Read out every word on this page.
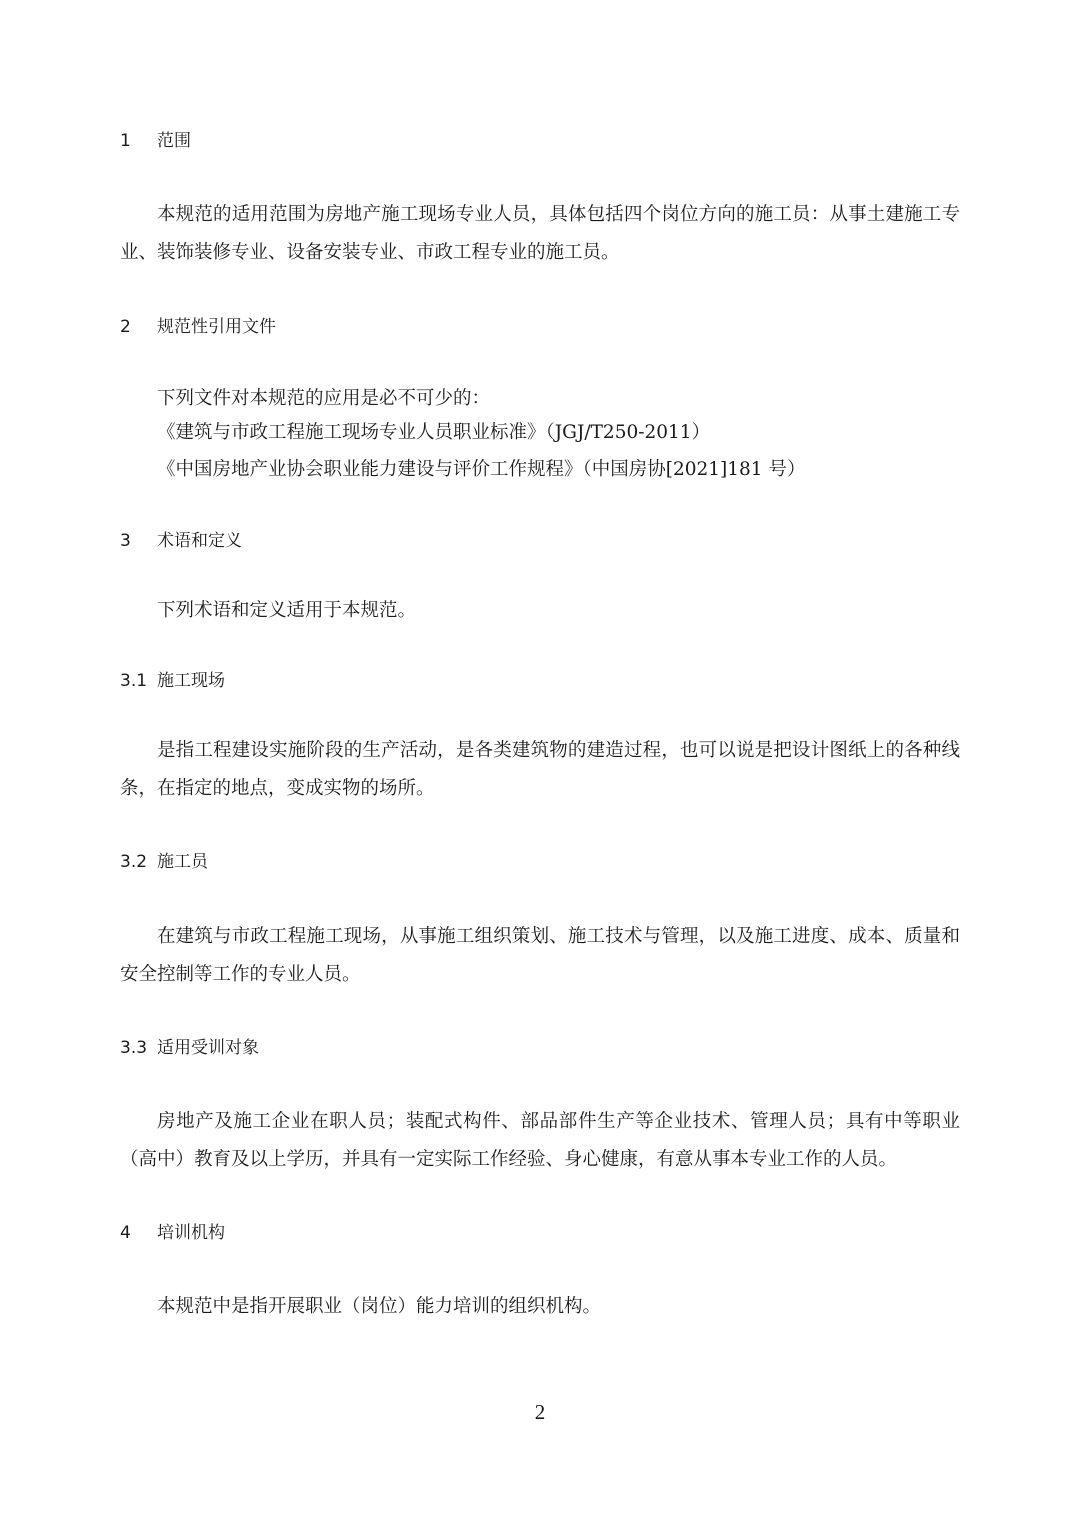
1 范围
本规范的适用范围为房地产施工现场专业人员，具体包括四个岗位方向的施工员：从事土建施工专业、装饰装修专业、设备安装专业、市政工程专业的施工员。
2 规范性引用文件
下列文件对本规范的应用是必不可少的：
《建筑与市政工程施工现场专业人员职业标准》（JGJ/T250-2011）
《中国房地产业协会职业能力建设与评价工作规程》（中国房协[2021]181 号）
3 术语和定义
下列术语和定义适用于本规范。
3.1 施工现场
是指工程建设实施阶段的生产活动，是各类建筑物的建造过程，也可以说是把设计图纸上的各种线条，在指定的地点，变成实物的场所。
3.2 施工员
在建筑与市政工程施工现场，从事施工组织策划、施工技术与管理，以及施工进度、成本、质量和安全控制等工作的专业人员。
3.3 适用受训对象
房地产及施工企业在职人员；装配式构件、部品部件生产等企业技术、管理人员；具有中等职业（高中）教育及以上学历，并具有一定实际工作经验、身心健康，有意从事本专业工作的人员。
4 培训机构
本规范中是指开展职业（岗位）能力培训的组织机构。
2
